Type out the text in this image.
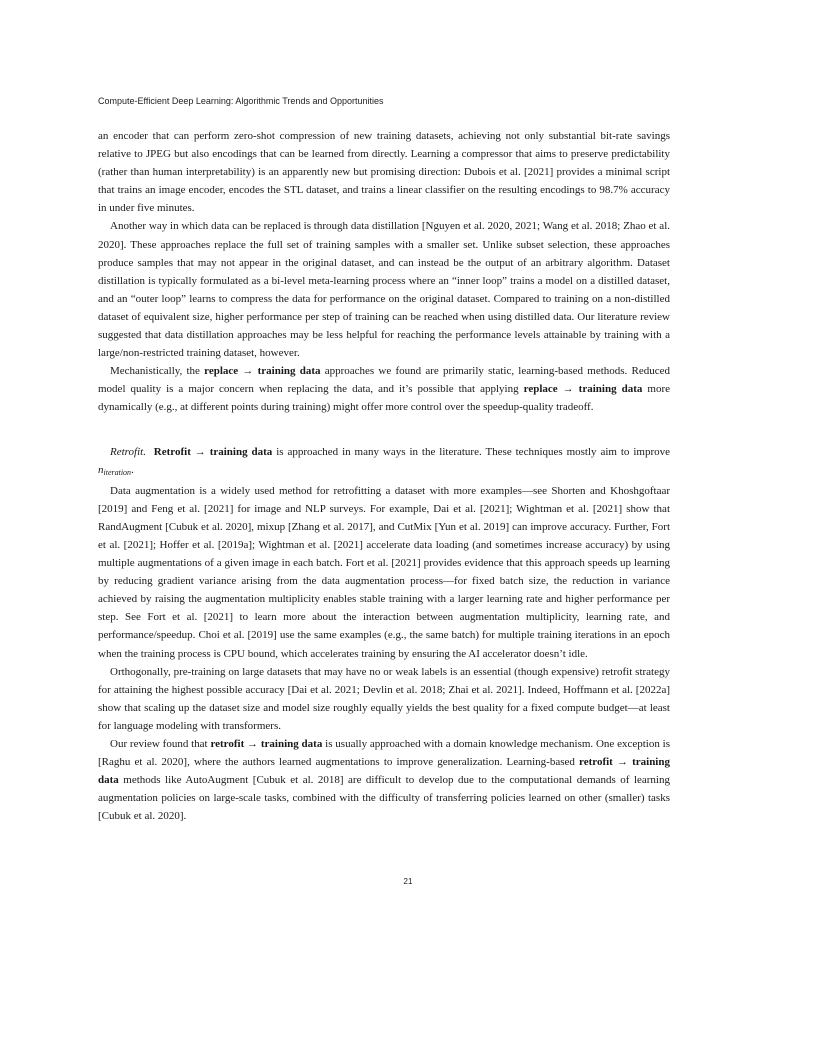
Compute-Efficient Deep Learning: Algorithmic Trends and Opportunities

an encoder that can perform zero-shot compression of new training datasets, achieving not only substantial bit-rate savings relative to JPEG but also encodings that can be learned from directly. Learning a compressor that aims to preserve predictability (rather than human interpretability) is an apparently new but promising direction: Dubois et al. [2021] provides a minimal script that trains an image encoder, encodes the STL dataset, and trains a linear classifier on the resulting encodings to 98.7% accuracy in under five minutes.

Another way in which data can be replaced is through data distillation [Nguyen et al. 2020, 2021; Wang et al. 2018; Zhao et al. 2020]. These approaches replace the full set of training samples with a smaller set. Unlike subset selection, these approaches produce samples that may not appear in the original dataset, and can instead be the output of an arbitrary algorithm. Dataset distillation is typically formulated as a bi-level meta-learning process where an “inner loop” trains a model on a distilled dataset, and an “outer loop” learns to compress the data for performance on the original dataset. Compared to training on a non-distilled dataset of equivalent size, higher performance per step of training can be reached when using distilled data. Our literature review suggested that data distillation approaches may be less helpful for reaching the performance levels attainable by training with a large/non-restricted training dataset, however.

Mechanistically, the replace → training data approaches we found are primarily static, learning-based methods. Reduced model quality is a major concern when replacing the data, and it’s possible that applying replace → training data more dynamically (e.g., at different points during training) might offer more control over the speedup-quality tradeoff.

Retrofit. Retrofit → training data is approached in many ways in the literature. These techniques mostly aim to improve $n_{iteration}$.

Data augmentation is a widely used method for retrofitting a dataset with more examples—see Shorten and Khoshgoftaar [2019] and Feng et al. [2021] for image and NLP surveys. For example, Dai et al. [2021]; Wightman et al. [2021] show that RandAugment [Cubuk et al. 2020], mixup [Zhang et al. 2017], and CutMix [Yun et al. 2019] can improve accuracy. Further, Fort et al. [2021]; Hoffer et al. [2019a]; Wightman et al. [2021] accelerate data loading (and sometimes increase accuracy) by using multiple augmentations of a given image in each batch. Fort et al. [2021] provides evidence that this approach speeds up learning by reducing gradient variance arising from the data augmentation process—for fixed batch size, the reduction in variance achieved by raising the augmentation multiplicity enables stable training with a larger learning rate and higher performance per step. See Fort et al. [2021] to learn more about the interaction between augmentation multiplicity, learning rate, and performance/speedup. Choi et al. [2019] use the same examples (e.g., the same batch) for multiple training iterations in an epoch when the training process is CPU bound, which accelerates training by ensuring the AI accelerator doesn’t idle.

Orthogonally, pre-training on large datasets that may have no or weak labels is an essential (though expensive) retrofit strategy for attaining the highest possible accuracy [Dai et al. 2021; Devlin et al. 2018; Zhai et al. 2021]. Indeed, Hoffmann et al. [2022a] show that scaling up the dataset size and model size roughly equally yields the best quality for a fixed compute budget—at least for language modeling with transformers.

Our review found that retrofit → training data is usually approached with a domain knowledge mechanism. One exception is [Raghu et al. 2020], where the authors learned augmentations to improve generalization. Learning-based retrofit → training data methods like AutoAugment [Cubuk et al. 2018] are difficult to develop due to the computational demands of learning augmentation policies on large-scale tasks, combined with the difficulty of transferring policies learned on other (smaller) tasks [Cubuk et al. 2020].

21
